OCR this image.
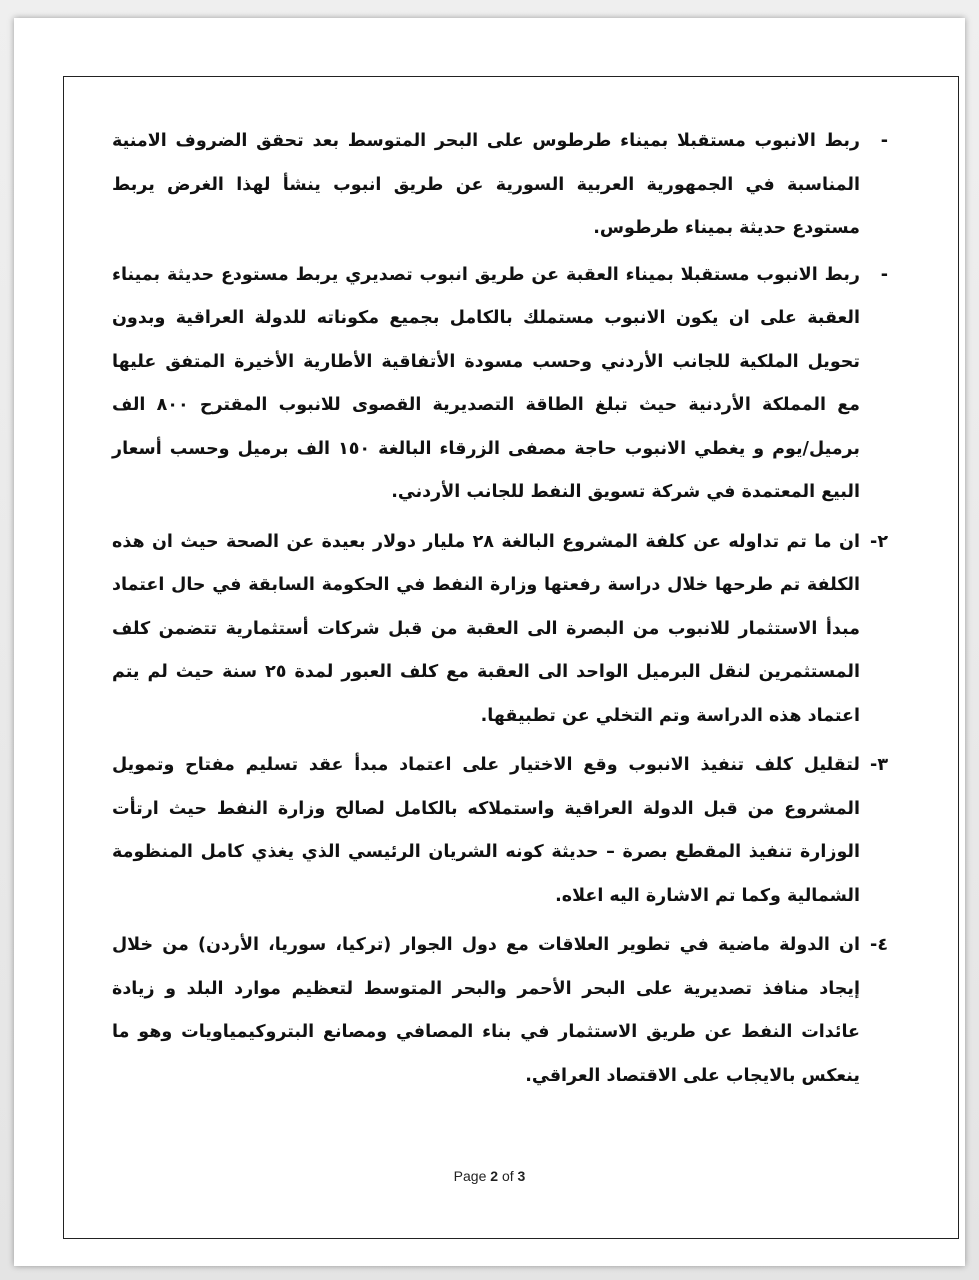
-
ربط الانبوب مستقبلا بميناء طرطوس على البحر المتوسط بعد تحقق الضروف الامنية المناسبة في الجمهورية العربية السورية عن طريق انبوب ينشأ لهذا الغرض يربط مستودع حديثة بميناء طرطوس.
-
ربط الانبوب مستقبلا بميناء العقبة عن طريق انبوب تصديري يربط مستودع حديثة بميناء العقبة على ان يكون الانبوب مستملك بالكامل بجميع مكوناته للدولة العراقية وبدون تحويل الملكية للجانب الأردني وحسب مسودة الأتفاقية الأطارية الأخيرة المتفق عليها مع المملكة الأردنية حيث تبلغ الطاقة التصديرية القصوى للانبوب المقترح ٨٠٠ الف برميل/يوم و يغطي الانبوب حاجة مصفى الزرقاء البالغة ١٥٠ الف برميل وحسب أسعار البيع المعتمدة في شركة تسويق النفط للجانب الأردني.
٢-
ان ما تم تداوله عن كلفة المشروع البالغة ٢٨ مليار دولار بعيدة عن الصحة حيث ان هذه الكلفة تم طرحها خلال دراسة رفعتها وزارة النفط في الحكومة السابقة في حال اعتماد مبدأ الاستثمار للانبوب من البصرة الى العقبة من قبل شركات أستثمارية تتضمن كلف المستثمرين لنقل البرميل الواحد الى العقبة مع كلف العبور لمدة ٢٥ سنة حيث لم يتم اعتماد هذه الدراسة وتم التخلي عن تطبيقها.
٣-
لتقليل كلف تنفيذ الانبوب وقع الاختيار على اعتماد مبدأ عقد تسليم مفتاح وتمويل المشروع من قبل الدولة العراقية واستملاكه بالكامل لصالح وزارة النفط حيث ارتأت الوزارة تنفيذ المقطع بصرة – حديثة كونه الشريان الرئيسي الذي يغذي كامل المنظومة الشمالية وكما تم الاشارة اليه اعلاه.
٤-
ان الدولة ماضية في تطوير العلاقات مع دول الجوار (تركيا، سوريا، الأردن) من خلال إيجاد منافذ تصديرية على البحر الأحمر والبحر المتوسط لتعظيم موارد البلد و زيادة عائدات النفط عن طريق الاستثمار في بناء المصافي ومصانع البتروكيمياويات وهو ما ينعكس بالايجاب على الاقتصاد العراقي.
Page 2 of 3
